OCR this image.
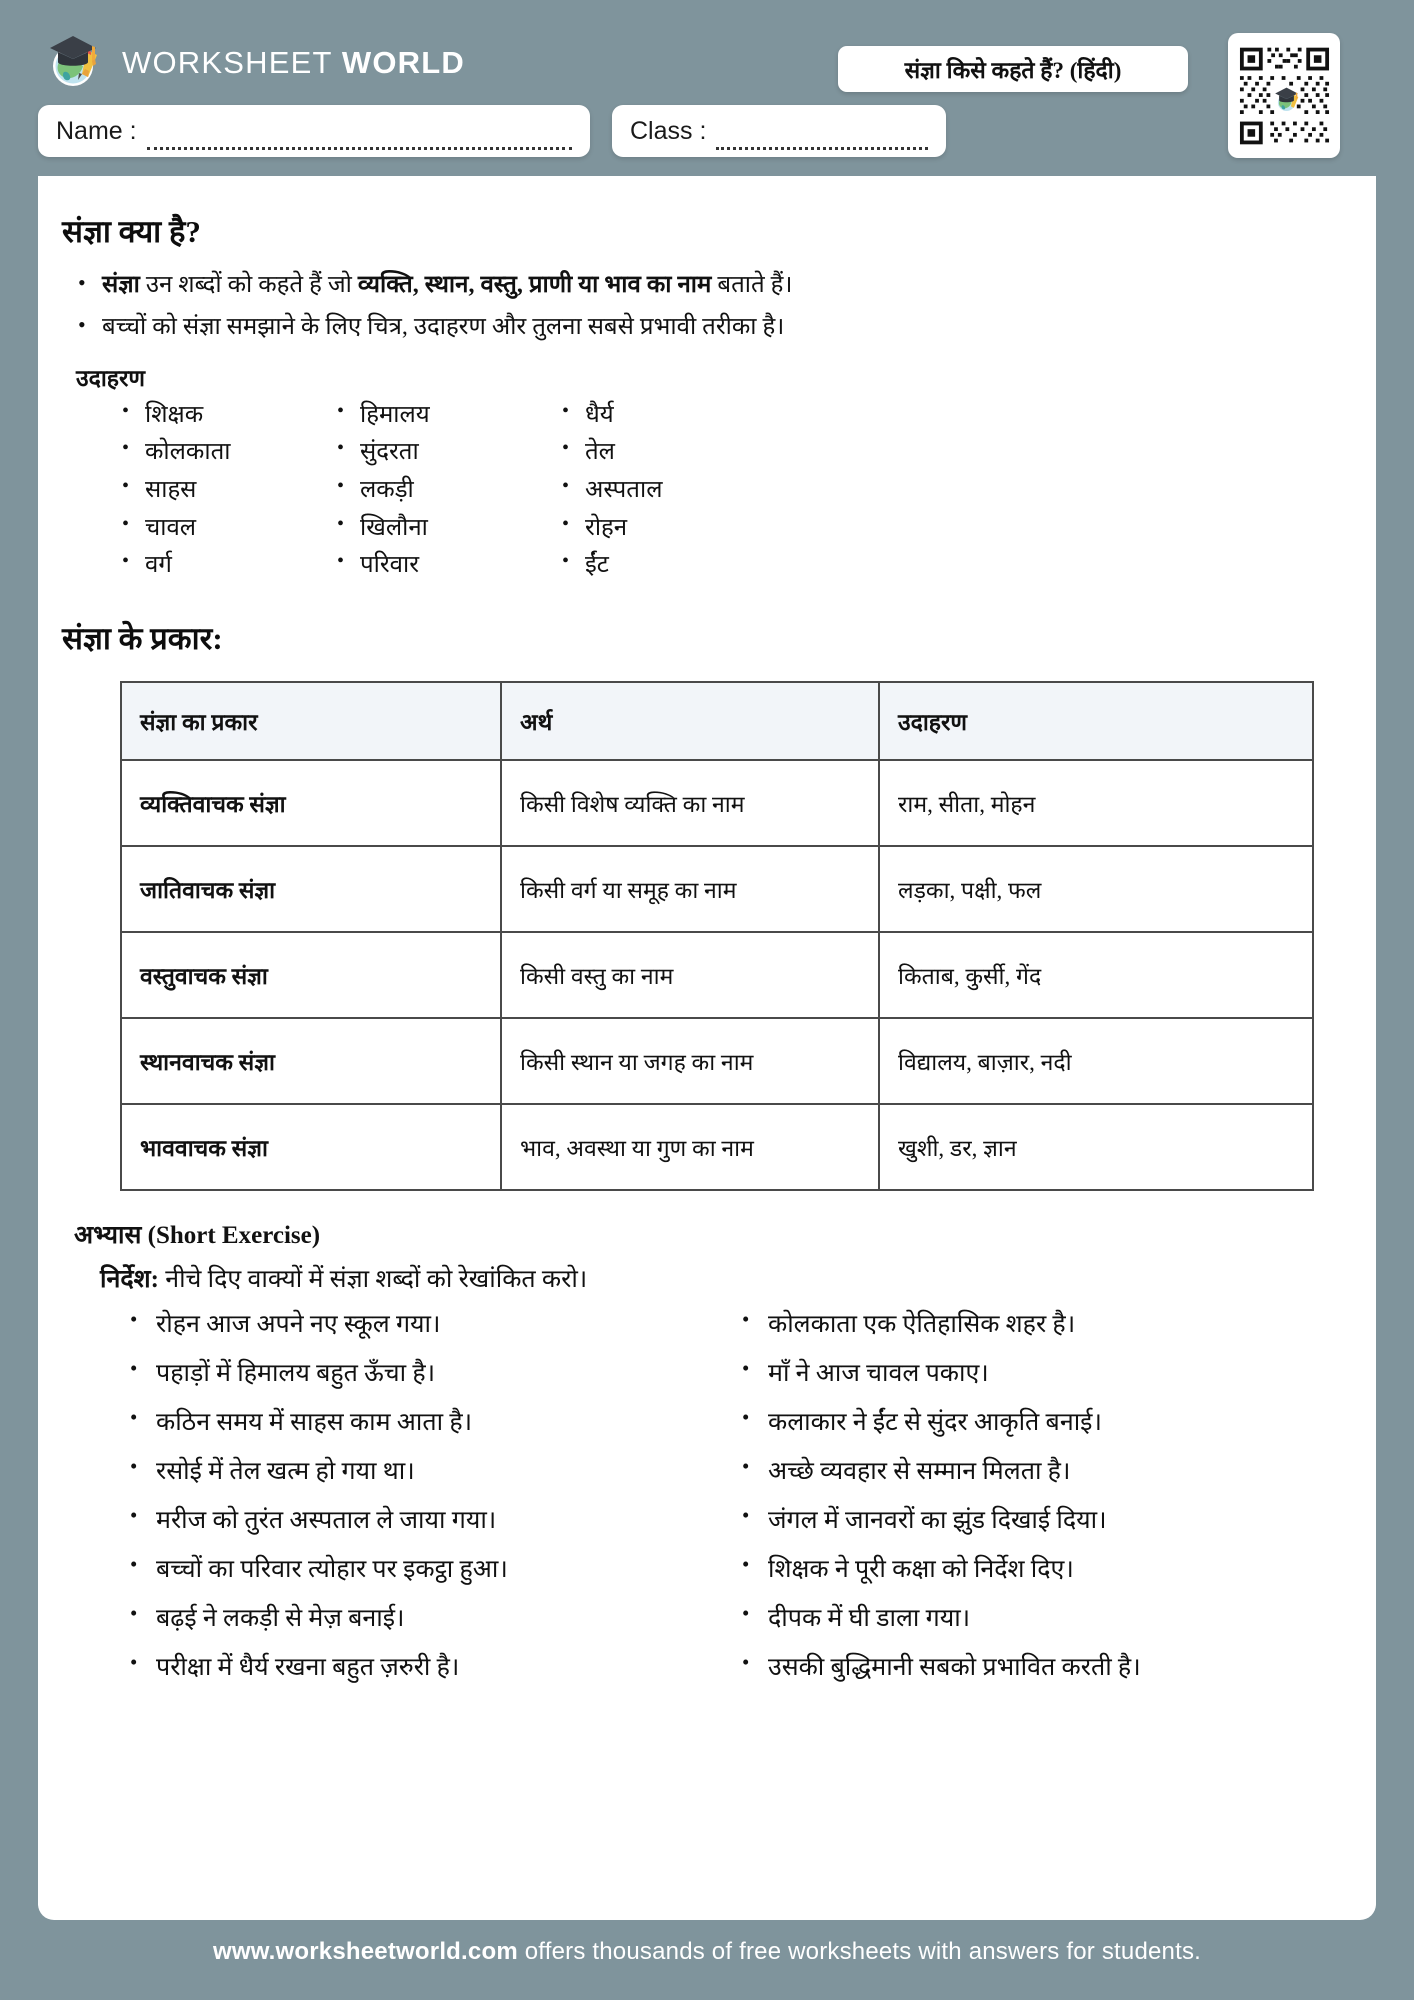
WORKSHEET WORLD	संज्ञा किसे कहते हैं? (हिंदी)
Name :	Class :
संज्ञा क्या है?
• संज्ञा उन शब्दों को कहते हैं जो व्यक्ति, स्थान, वस्तु, प्राणी या भाव का नाम बताते हैं।
• बच्चों को संज्ञा समझाने के लिए चित्र, उदाहरण और तुलना सबसे प्रभावी तरीका है।
उदाहरण
• शिक्षक
• कोलकाता
• साहस
• चावल
• वर्ग
• हिमालय
• सुंदरता
• लकड़ी
• खिलौना
• परिवार
• धैर्य
• तेल
• अस्पताल
• रोहन
• ईंट
संज्ञा के प्रकार:
संज्ञा का प्रकार	अर्थ	उदाहरण
व्यक्तिवाचक संज्ञा	किसी विशेष व्यक्ति का नाम	राम, सीता, मोहन
जातिवाचक संज्ञा	किसी वर्ग या समूह का नाम	लड़का, पक्षी, फल
वस्तुवाचक संज्ञा	किसी वस्तु का नाम	किताब, कुर्सी, गेंद
स्थानवाचक संज्ञा	किसी स्थान या जगह का नाम	विद्यालय, बाज़ार, नदी
भाववाचक संज्ञा	भाव, अवस्था या गुण का नाम	खुशी, डर, ज्ञान
अभ्यास (Short Exercise)
निर्देश: नीचे दिए वाक्यों में संज्ञा शब्दों को रेखांकित करो।
• रोहन आज अपने नए स्कूल गया।
• पहाड़ों में हिमालय बहुत ऊँचा है।
• कठिन समय में साहस काम आता है।
• रसोई में तेल खत्म हो गया था।
• मरीज को तुरंत अस्पताल ले जाया गया।
• बच्चों का परिवार त्योहार पर इकट्ठा हुआ।
• बढ़ई ने लकड़ी से मेज़ बनाई।
• परीक्षा में धैर्य रखना बहुत ज़रुरी है।
• कोलकाता एक ऐतिहासिक शहर है।
• माँ ने आज चावल पकाए।
• कलाकार ने ईंट से सुंदर आकृति बनाई।
• अच्छे व्यवहार से सम्मान मिलता है।
• जंगल में जानवरों का झुंड दिखाई दिया।
• शिक्षक ने पूरी कक्षा को निर्देश दिए।
• दीपक में घी डाला गया।
• उसकी बुद्धिमानी सबको प्रभावित करती है।
www.worksheetworld.com offers thousands of free worksheets with answers for students.
